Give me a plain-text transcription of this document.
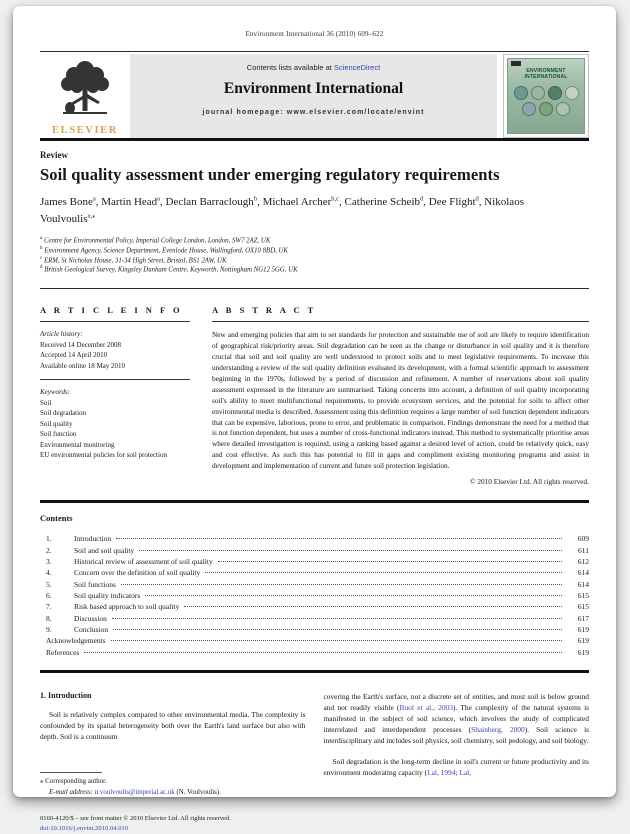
Environment International 36 (2010) 609–622
ELSEVIER
Contents lists available at ScienceDirect
Environment International
journal homepage: www.elsevier.com/locate/envint
ENVIRONMENT INTERNATIONAL
Review
Soil quality assessment under emerging regulatory requirements
James Bone$^a$, Martin Head$^a$, Declan Barraclough$^b$, Michael Archer$^{b,c}$, Catherine Scheib$^d$, Dee Flight$^d$, Nikolaos Voulvoulis$^{a,⁎}$
$^a$ Centre for Environmental Policy, Imperial College London, London, SW7 2AZ, UK
$^b$ Environment Agency, Science Department, Evenlode House, Wallingford, OX10 8BD, UK
$^c$ ERM, St Nicholas House, 31-34 High Street, Bristol, BS1 2AW, UK
$^d$ British Geological Survey, Kingsley Dunham Centre, Keyworth, Nottingham NG12 5GG, UK
A R T I C L E I N F O
Article history:
Received 14 December 2008
Accepted 14 April 2010
Available online 18 May 2010
Keywords:
Soil
Soil degradation
Soil quality
Soil function
Environmental monitoring
EU environmental policies for soil protection
A B S T R A C T
New and emerging policies that aim to set standards for protection and sustainable use of soil are likely to require identification of geographical risk/priority areas. Soil degradation can be seen as the change or disturbance in soil quality and it is therefore crucial that soil and soil quality are well understood to protect soils and to meet legislative requirements. To increase this understanding a review of the soil quality definition evaluated its development, with a formal scientific approach to assessment beginning in the 1970s, followed by a period of discussion and refinement. A number of reservations about soil quality assessment expressed in the literature are summarised. Taking concerns into account, a definition of soil quality incorporating soil's ability to meet multifunctional requirements, to provide ecosystem services, and the potential for soils to affect other environmental media is described. Assessment using this definition requires a large number of soil function dependent indicators that can be expensive, laborious, prone to error, and problematic in comparison. Findings demonstrate the need for a method that is not function dependent, but uses a number of cross-functional indicators instead. This method to systematically prioritise areas where detailed investigation is required, using a ranking based against a desired level of action, could be relatively quick, easy and cost effective. As such this has potential to fill in gaps and compliment existing monitoring programs and assist in development and implementation of current and future soil protection legislation.
© 2010 Elsevier Ltd. All rights reserved.
Contents
1.	Introduction	609
2.	Soil and soil quality	611
3.	Historical review of assessment of soil quality	612
4.	Concern over the definition of soil quality	614
5.	Soil functions	614
6.	Soil quality indicators	615
7.	Risk based approach to soil quality	615
8.	Discussion	617
9.	Conclusion	619
Acknowledgements	619
References	619
1. Introduction

Soil is relatively complex compared to other environmental media. The complexity is confounded by its spatial heterogeneity both over the Earth's land surface but also with depth. Soil is a continuum

⁎ Corresponding author.
E-mail address: n.voulvoulis@imperial.ac.uk (N. Voulvoulis).
0160-4120/$ – see front matter © 2010 Elsevier Ltd. All rights reserved.
doi:10.1016/j.envint.2010.04.010

covering the Earth's surface, not a discrete set of entities, and most soil is below ground and not readily visible (Buol et al., 2003). The complexity of the natural systems is manifested in the subject of soil science, which involves the study of complicated interrelated and interdependent processes (Shainberg, 2000). Soil science is interdisciplinary and includes soil physics, soil chemistry, soil pedology, and soil biology.

Soil degradation is the long-term decline in soil's current or future productivity and its environment moderating capacity (Lal, 1994; Lal,
